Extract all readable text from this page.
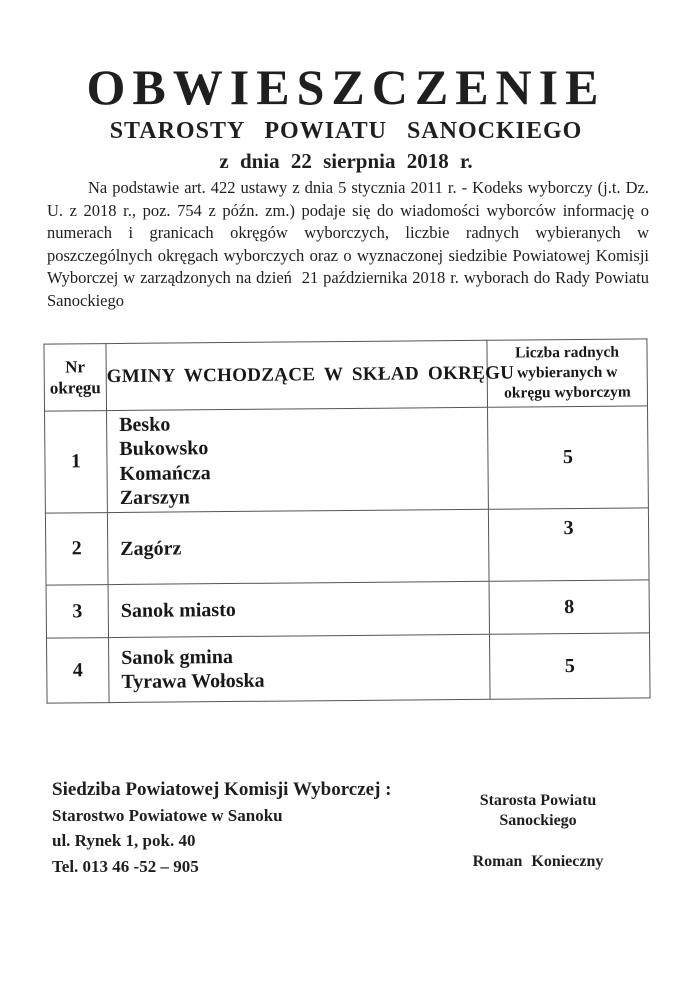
OBWIESZCZENIE
STAROSTY POWIATU SANOCKIEGO
z dnia 22 sierpnia 2018 r.

Na podstawie art. 422 ustawy z dnia 5 stycznia 2011 r. - Kodeks wyborczy (j.t. Dz. U. z 2018 r., poz. 754 z późn. zm.) podaje się do wiadomości wyborców informację o numerach i granicach okręgów wyborczych, liczbie radnych wybieranych w poszczególnych okręgach wyborczych oraz o wyznaczonej siedzibie Powiatowej Komisji Wyborczej w zarządzonych na dzień  21 października 2018 r. wyborach do Rady Powiatu Sanockiego

Nr okręgu	GMINY WCHODZĄCE W SKŁAD OKRĘGU	Liczba radnych wybieranych w okręgu wyborczym
1	Besko
Bukowsko
Komańcza
Zarszyn	5
2	Zagórz	3
3	Sanok miasto	8
4	Sanok gmina
Tyrawa Wołoska	5
Siedziba Powiatowej Komisji Wyborczej :
Starostwo Powiatowe w Sanoku
ul. Rynek 1, pok. 40
Tel. 013 46 -52 – 905
Starosta Powiatu Sanockiego
Roman Konieczny
